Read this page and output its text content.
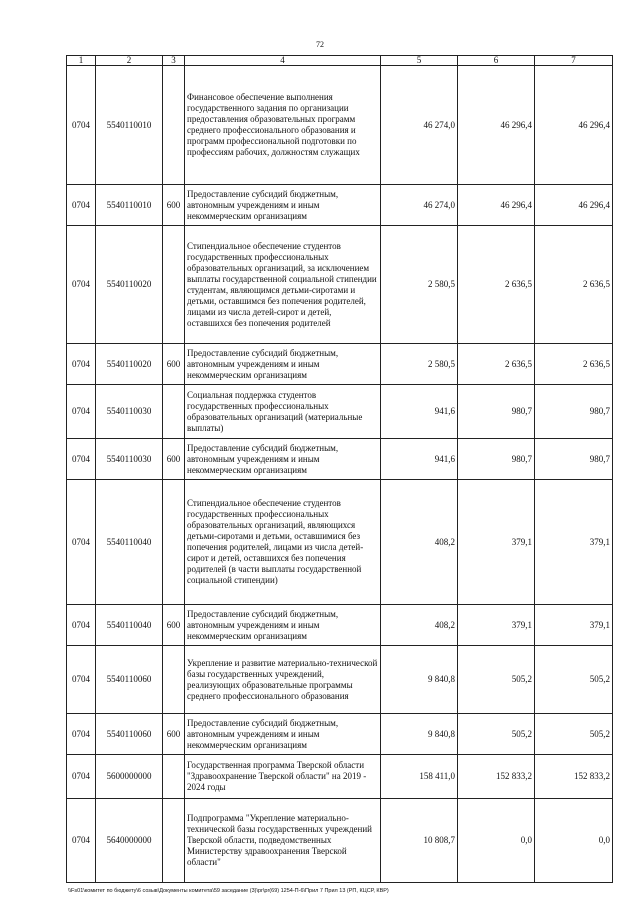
72
1	2	3	4	5	6	7
0704	5540110010		Финансовое обеспечение выполнения государственного задания по организации предоставления образовательных программ среднего профессионального образования и программ профессиональной подготовки по профессиям рабочих, должностям служащих	46 274,0	46 296,4	46 296,4
0704	5540110010	600	Предоставление субсидий бюджетным, автономным учреждениям и иным некоммерческим организациям	46 274,0	46 296,4	46 296,4
0704	5540110020		Стипендиальное обеспечение студентов государственных профессиональных образовательных организаций, за исключением выплаты государственной социальной стипендии студентам, являющимся детьми-сиротами и детьми, оставшимся без попечения родителей, лицами из числа детей-сирот и детей, оставшихся без попечения родителей	2 580,5	2 636,5	2 636,5
0704	5540110020	600	Предоставление субсидий бюджетным, автономным учреждениям и иным некоммерческим организациям	2 580,5	2 636,5	2 636,5
0704	5540110030		Социальная поддержка студентов государственных профессиональных образовательных организаций (материальные выплаты)	941,6	980,7	980,7
0704	5540110030	600	Предоставление субсидий бюджетным, автономным учреждениям и иным некоммерческим организациям	941,6	980,7	980,7
0704	5540110040		Стипендиальное обеспечение студентов государственных профессиональных образовательных организаций, являющихся детьми-сиротами и детьми, оставшимися без попечения родителей, лицами из числа детей-сирот и детей, оставшихся без попечения родителей (в части выплаты государственной социальной стипендии)	408,2	379,1	379,1
0704	5540110040	600	Предоставление субсидий бюджетным, автономным учреждениям и иным некоммерческим организациям	408,2	379,1	379,1
0704	5540110060		Укрепление и развитие материально-технической базы государственных учреждений, реализующих образовательные программы среднего профессионального образования	9 840,8	505,2	505,2
0704	5540110060	600	Предоставление субсидий бюджетным, автономным учреждениям и иным некоммерческим организациям	9 840,8	505,2	505,2
0704	5600000000		Государственная программа Тверской области "Здравоохранение Тверской области" на 2019 - 2024 годы	158 411,0	152 833,2	152 833,2
0704	5640000000		Подпрограмма "Укрепление материально-технической базы государственных учреждений Тверской области, подведомственных Министерству здравоохранения Тверской области"	10 808,7	0,0	0,0
\\Fs01\комитет по бюджету\6 созыв\Документы комитета\59 заседание (3)\pr\pr(69) 1254-П-6\Прил 7 Прил 13 (РП, КЦСР, КВР)
